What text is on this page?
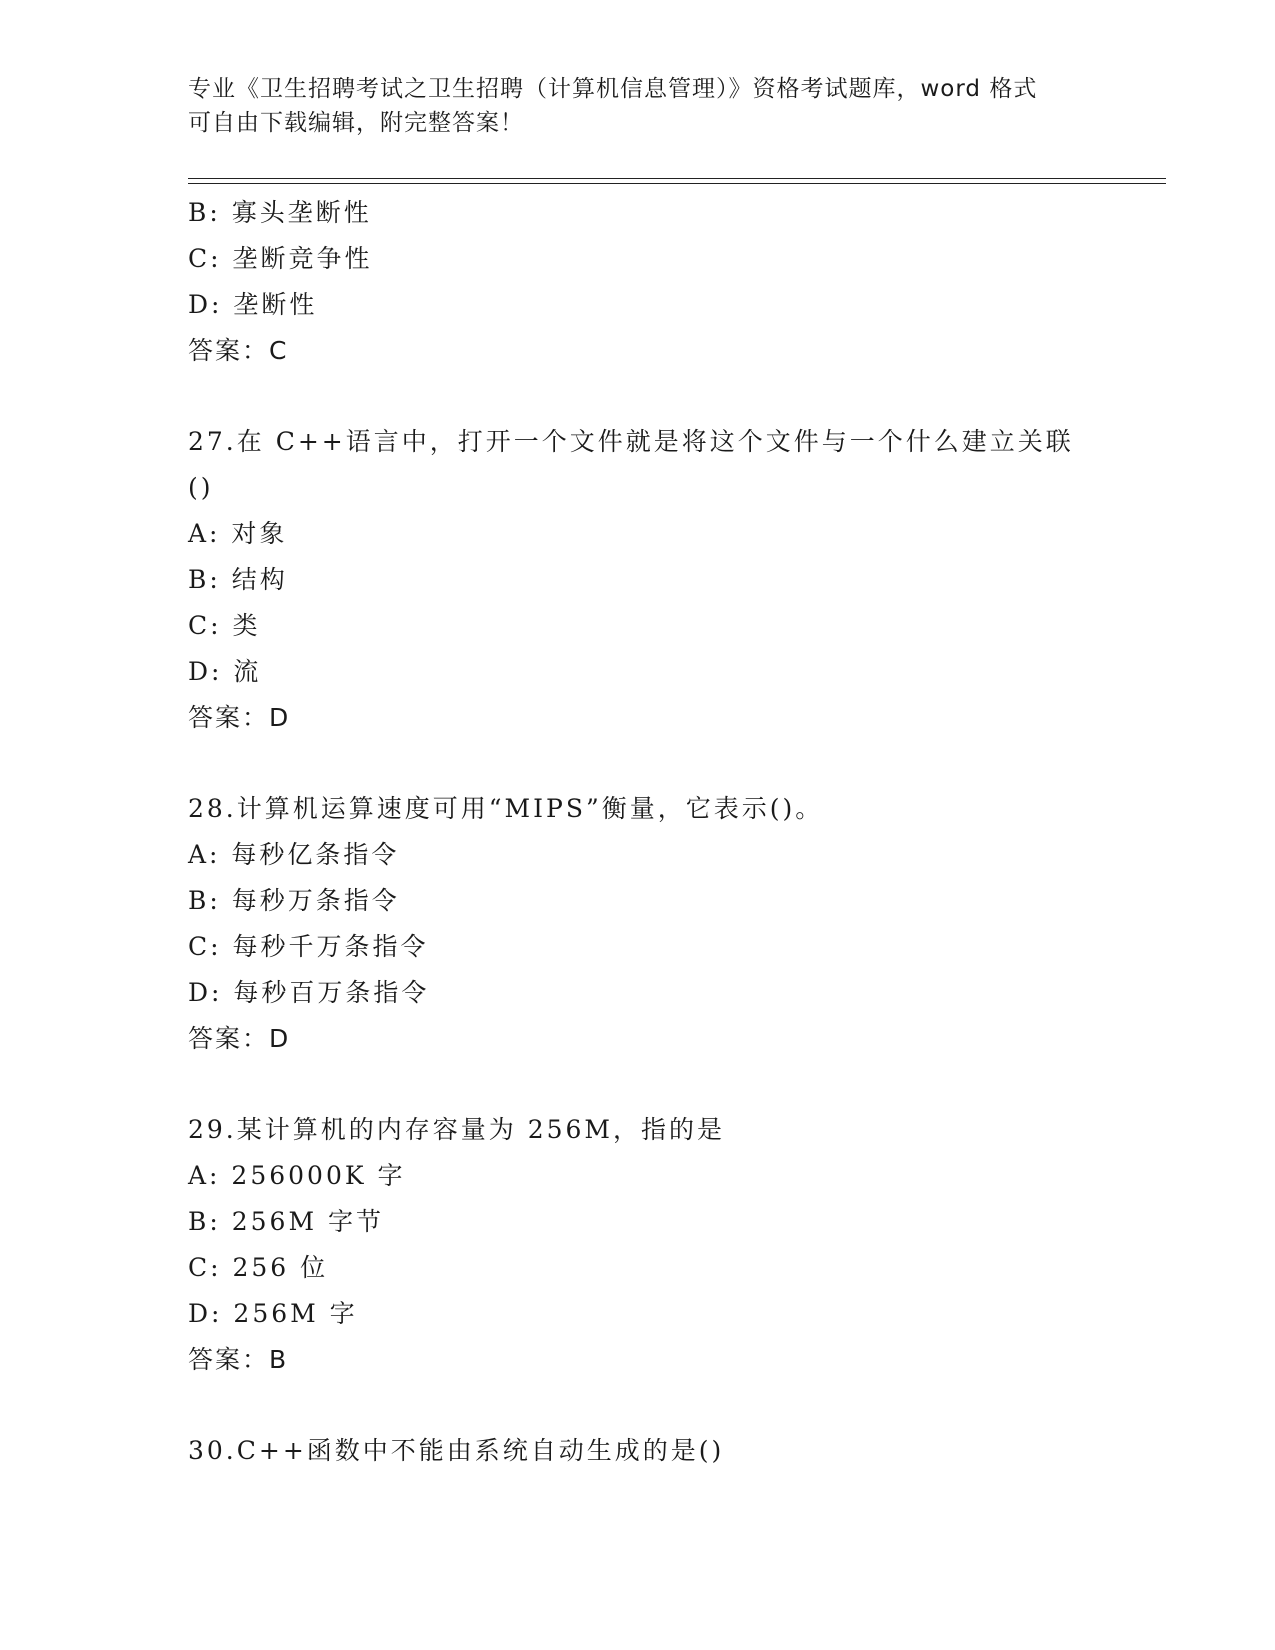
专业《卫生招聘考试之卫生招聘（计算机信息管理）》资格考试题库，word 格式
可自由下载编辑，附完整答案！
B: 寡头垄断性
C: 垄断竞争性
D: 垄断性
答案：C
27.在 C++语言中，打开一个文件就是将这个文件与一个什么建立关联
()
A: 对象
B: 结构
C: 类
D: 流
答案：D
28.计算机运算速度可用“MIPS”衡量，它表示()。
A: 每秒亿条指令
B: 每秒万条指令
C: 每秒千万条指令
D: 每秒百万条指令
答案：D
29.某计算机的内存容量为 256M，指的是
A: 256000K 字
B: 256M 字节
C: 256 位
D: 256M 字
答案：B
30.C++函数中不能由系统自动生成的是()
